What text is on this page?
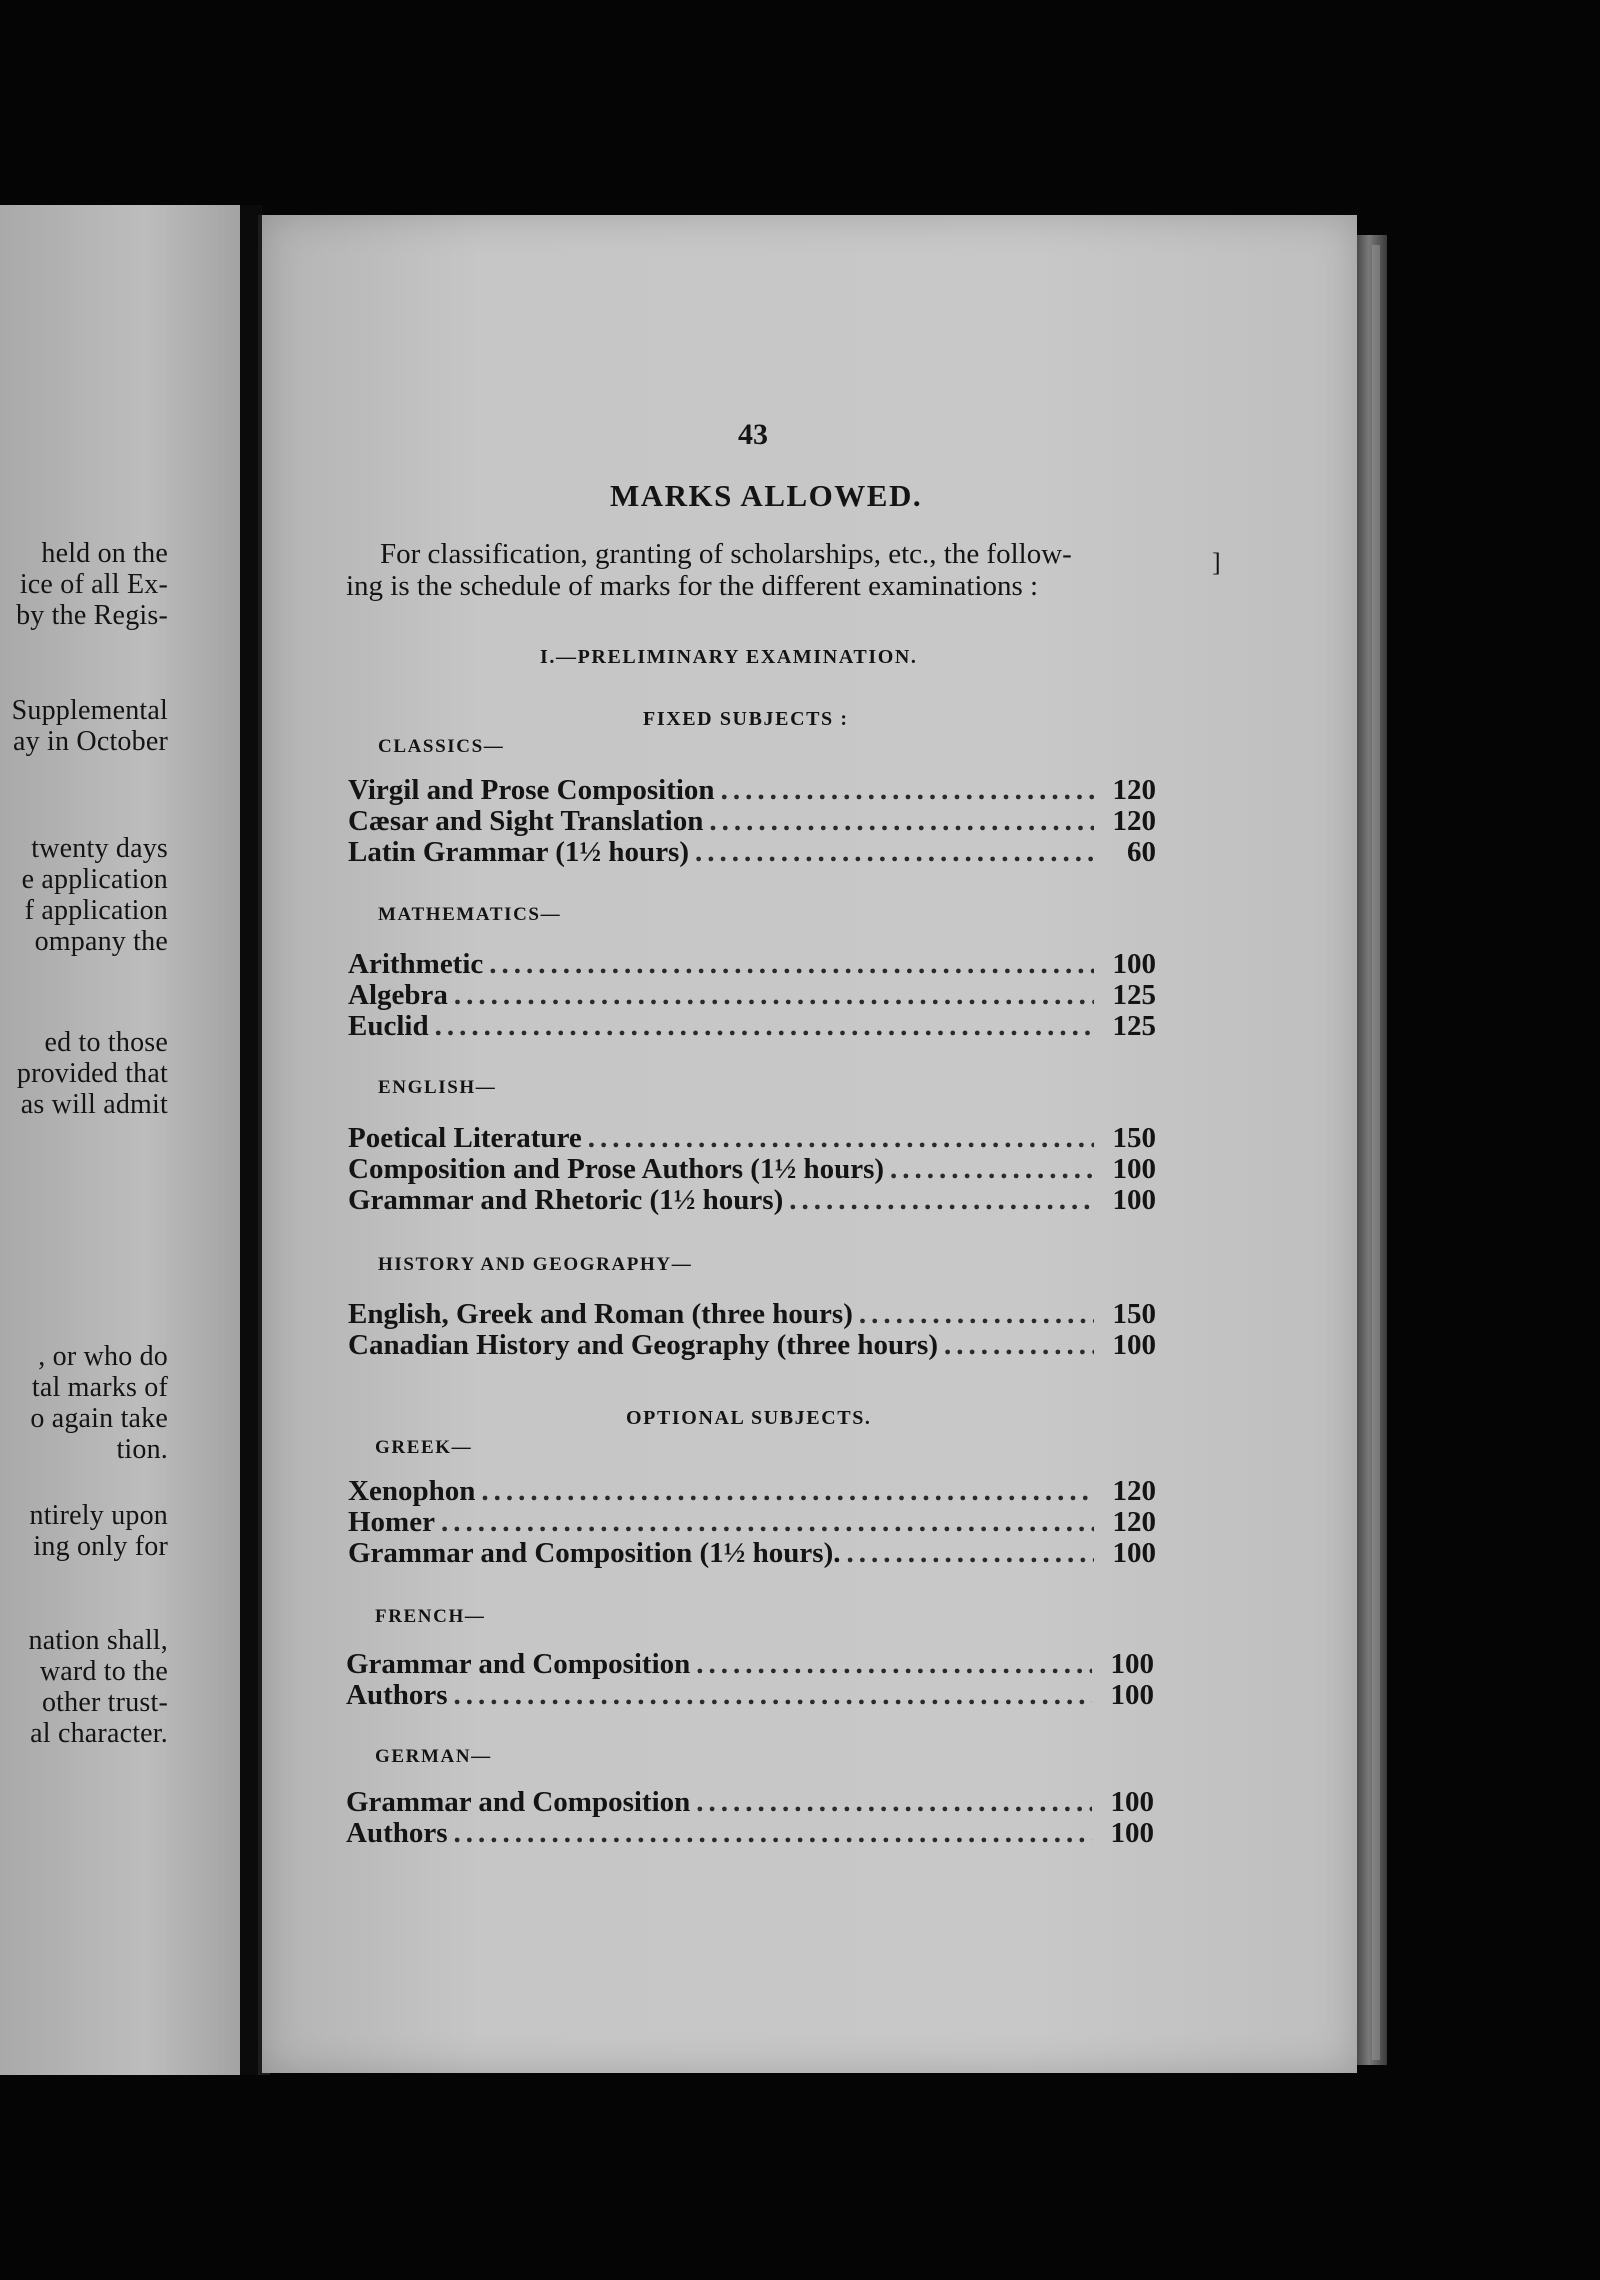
held on the
ice of all Ex-
by the Regis-
Supplemental
ay in October
twenty days
e application
f application
ompany the
ed to those
provided that
as will admit
, or who do
tal marks of
o again take
tion.
ntirely upon
ing only for
nation shall,
ward to the
other trust-
al character.
43
MARKS ALLOWED.
For classification, granting of scholarships, etc., the follow-
ing is the schedule of marks for the different examinations :
]
I.—PRELIMINARY EXAMINATION.
FIXED SUBJECTS :
CLASSICS—
Virgil and Prose Composition .....	120
Cæsar and Sight Translation .....	120
Latin Grammar (1½ hours) .....	60
MATHEMATICS—
Arithmetic .....	100
Algebra .....	125
Euclid .....	125
ENGLISH—
Poetical Literature .....	150
Composition and Prose Authors (1½ hours) .....	100
Grammar and Rhetoric (1½ hours) .....	100
HISTORY AND GEOGRAPHY—
English, Greek and Roman (three hours) .....	150
Canadian History and Geography (three hours) .....	100
OPTIONAL SUBJECTS.
GREEK—
Xenophon .....	120
Homer .....	120
Grammar and Composition (1½ hours). .....	100
FRENCH—
Grammar and Composition .....	100
Authors .....	100
GERMAN—
Grammar and Composition .....	100
Authors .....	100
